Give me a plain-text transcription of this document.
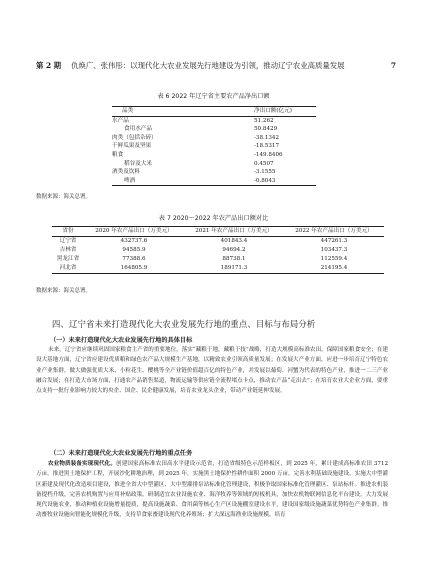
第 2 期 仇焕广、张伟彤：以现代化大农业发展先行地建设为引领，推动辽宁农业高质量发展	7
表 6 2022 年辽宁省主要农产品净出口额
品类	净出口额(亿元)
水产品	51.262
食用水产品	50.8429
肉类（包括杂碎）	-38.1342
干鲜瓜果及坚果	-18.5317
粮食	-149.8406
稻谷及大米	0.4507
酒类及饮料	-3.1555
啤酒	-0.8043
数据来源：海关总署。
表 7 2020～2022 年农产品出口额对比
省份	2020 年农产品出口（万美元）	2021 年农产品出口（万美元）	2022 年农产品出口（万美元）
辽宁省	432737.6	401843.4	447261.3
吉林省	94585.9	94694.2	103437.3
黑龙江省	77388.6	88738.1	112559.4
河北省	164805.9	189171.3	214195.4
数据来源：海关总署。
四、辽宁省未来打造现代化大农业发展先行地的重点、目标与布局分析
（一）未来打造现代化大农业发展先行地的具体目标

未来，辽宁省应继续巩固国家粮食主产省的重要地位，落实“藏粮于地，藏粮于技”战略，打造大规模高标准农田，保障国家粮食安全；在建设大基地方面，辽宁省应建设优质粮和绿色农产品大规模生产基地，以精致农业引领高质量发展；在发展大产业方面，应进一步培育辽宁特色农业产业集群，做大做强优质大米、小粒花生、樱桃等全产业链价值超百亿的特色产业，并发展以葡萄、河蟹为代表的特色产业，推进一二三产业融合发展；在打造大市场方面，打通农产品销售渠道，物流运输等供应链全流程堵点卡点，推动农产品“走出去”；在培育农业大企业方面，要重点支持一批行业影响力较大的央企、国企、民企健康发展，培育农业龙头企业，带动产业链延伸发展。

（二）未来打造现代化大农业发展先行地的重点任务

农业物质装备实现现代化。创建国家高标准农田高水平建设示范省，打造省级特色示范样板区，到 2025 年，累计建成高标准农田 3712 万亩。推进黑土地保护工程，开展沙化耕地治理，到 2025 年，实施黑土地保护性耕作面积 2000 万亩。完善水利基础设施建设，实施大中型灌区新建及现代化改造项目建设，推进全省大中型灌区、大中型灌排泵站标准化管理建设，积极争取国家标准化管理灌区、泵站标杆。推进农机装备提档升级，完善农机购置与应用补贴政策，研制适宜农业设施农业、海洋牧养等领域的短板机具，加快农机物联网信息化平台建设。大力发展现代设施农业，推动种植业设施增量提质，提高设施蔬菜、食用菌等核心生产区设施棚室建设水平，建设国家级设施蔬菜优势特色产业集群。推动畜牧业设施向智能化规模化升级，支持草食家畜建设现代化养殖场；扩大深远海渔业设施规模，培育
